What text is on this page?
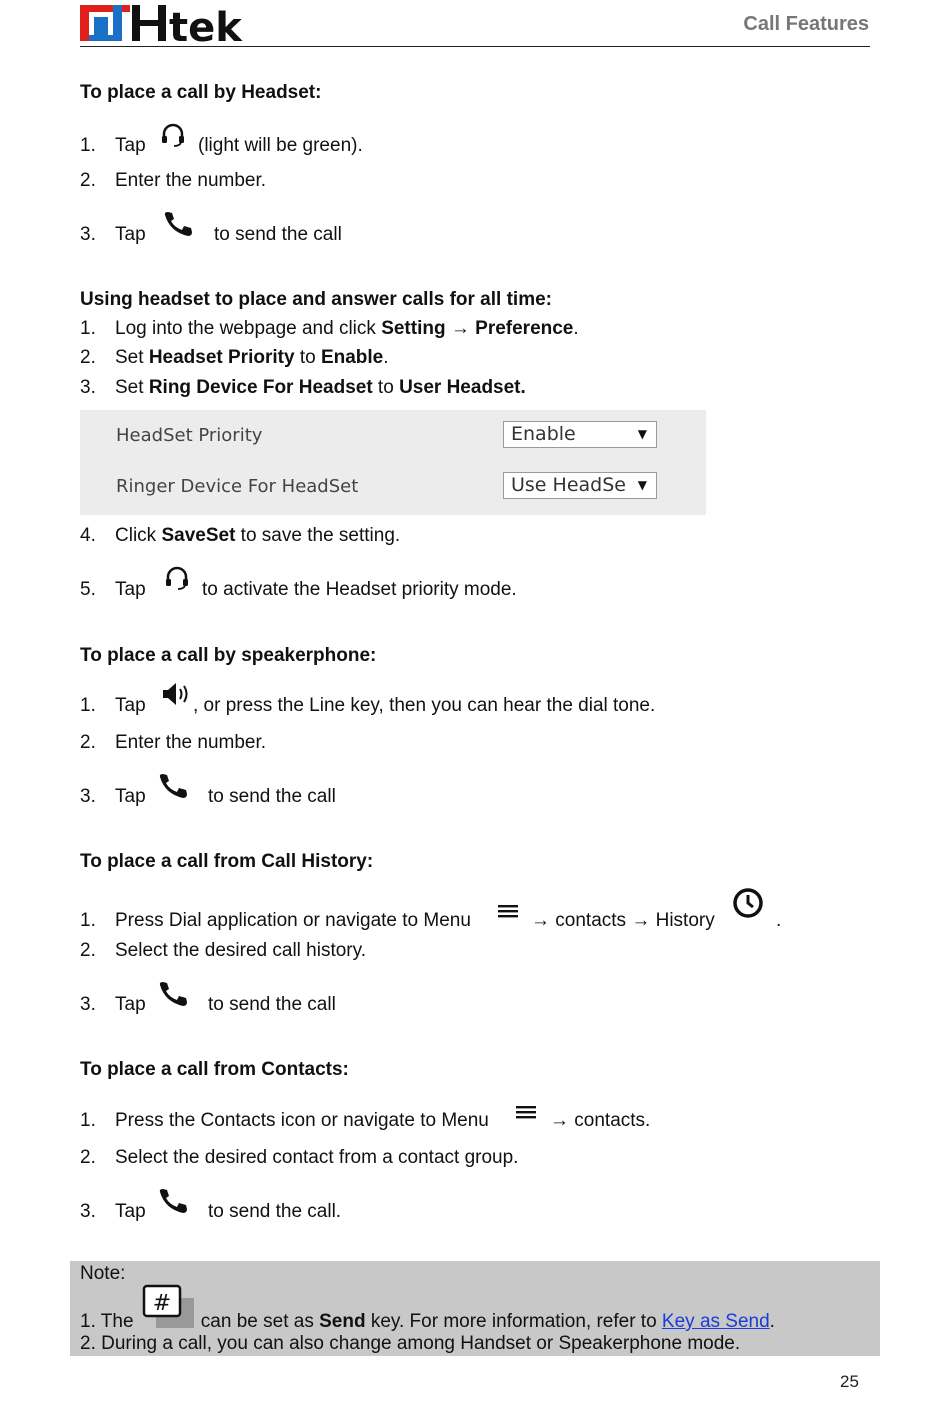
tek	Call Features
To place a call by Headset:
1. Tap	(light will be green).
2. Enter the number.
3. Tap	to send the call
Using headset to place and answer calls for all time:
1. Log into the webpage and click Setting → Preference.
2. Set Headset Priority to Enable.
3. Set Ring Device For Headset to User Headset.
HeadSet Priority	Enable	▼
Ringer Device For HeadSet	Use HeadSe ▼
4. Click SaveSet to save the setting.
5. Tap	to activate the Headset priority mode.
To place a call by speakerphone:
1. Tap , or press the Line key, then you can hear the dial tone.
2. Enter the number.
3. Tap	to send the call
To place a call from Call History:
1. Press Dial application or navigate to Menu	→ contacts → History	.
2. Select the desired call history.
3. Tap	to send the call
To place a call from Contacts:
1. Press the Contacts icon or navigate to Menu	→ contacts.
2. Select the desired contact from a contact group.
3. Tap	to send the call.
Note:
1. The	can be set as Send key. For more information, refer to Key as Send.
2. During a call, you can also change among Handset or Speakerphone mode.
#
25
